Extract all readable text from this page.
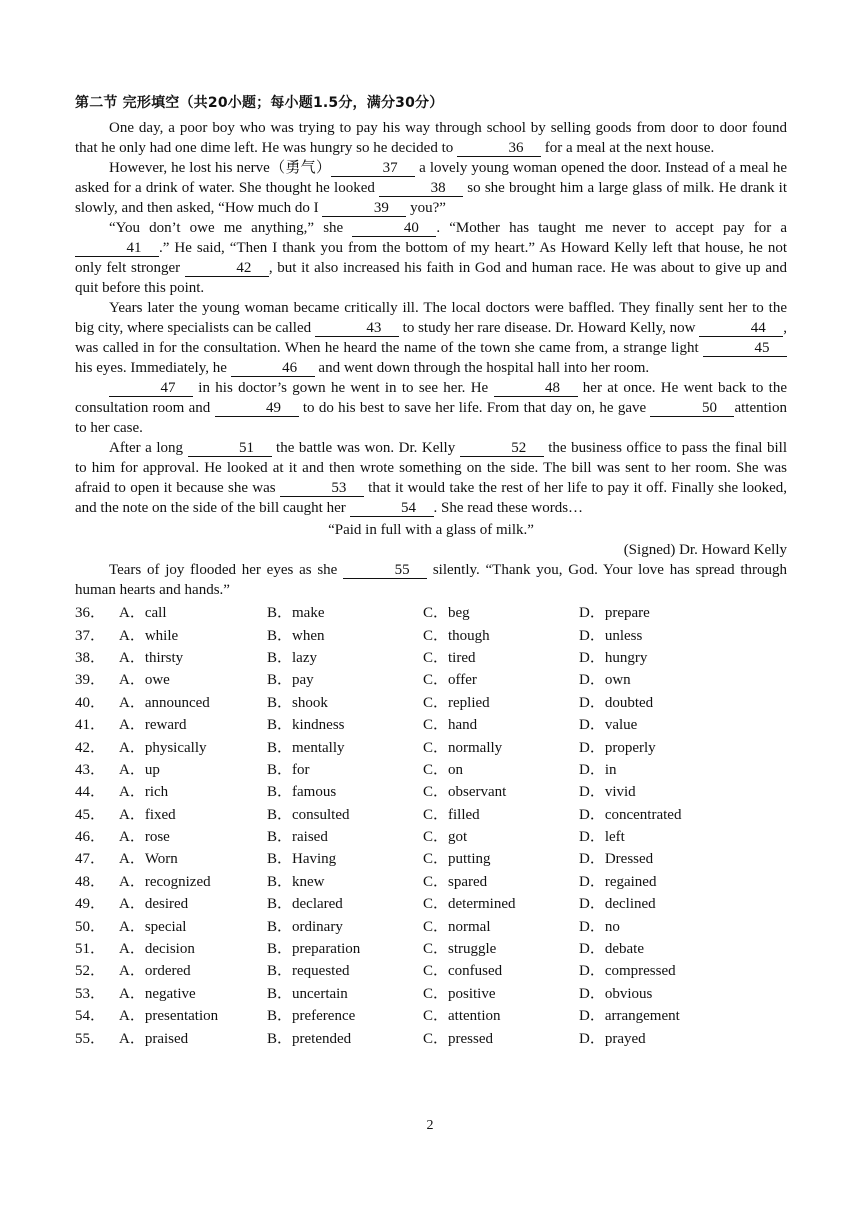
第二节 完形填空（共20小题；每小题1.5分，满分30分）

One day, a poor boy who was trying to pay his way through school by selling goods from door to door found that he only had one dime left. He was hungry so he decided to	36 for a meal at the next house.

However, he lost his nerve（勇气）	37 a lovely young woman opened the door. Instead of a meal he asked for a drink of water. She thought he looked	38 so she brought him a large glass of milk. He drank it slowly, and then asked, “How much do I	39 you?”

“You don’t owe me anything,” she	40 . “Mother has taught me never to accept pay for a 41 .” He said, “Then I thank you from the bottom of my heart.” As Howard Kelly left that house, he not only felt stronger	42 , but it also increased his faith in God and human race. He was about to give up and quit before this point.

Years later the young woman became critically ill. The local doctors were baffled. They finally sent her to the big city, where specialists can be called	43 to study her rare disease. Dr. Howard Kelly, now	44 , was called in for the consultation. When he heard the name of the town she came from, a strange light	45 his eyes. Immediately, he	46 and went down through the hospital hall into her room.

47 in his doctor’s gown he went in to see her. He	48 her at once. He went back to the consultation room and	49 to do his best to save her life. From that day on, he gave	50 attention to her case.

After a long	51 the battle was won. Dr. Kelly	52 the business office to pass the final bill to him for approval. He looked at it and then wrote something on the side. The bill was sent to her room. She was afraid to open it because she was	53 that it would take the rest of her life to pay it off. Finally she looked, and the note on the side of the bill caught her	54 . She read these words…

“Paid in full with a glass of milk.”

(Signed) Dr. Howard Kelly

Tears of joy flooded her eyes as she	55 silently. “Thank you, God. Your love has spread through human hearts and hands.”

36． A．call	B．make	C．beg	D．prepare
37． A．while	B．when	C．though	D．unless
38． A．thirsty	B．lazy	C．tired	D．hungry
39． A．owe	B．pay	C．offer	D．own
40． A．announced	B．shook	C．replied	D．doubted
41． A．reward	B．kindness	C．hand	D．value
42． A．physically	B．mentally	C．normally	D．properly
43． A．up	B．for	C．on	D．in
44． A．rich	B．famous	C．observant	D．vivid
45． A．fixed	B．consulted	C．filled	D．concentrated
46． A．rose	B．raised	C．got	D．left
47． A．Worn	B．Having	C．putting	D．Dressed
48． A．recognized	B．knew	C．spared	D．regained
49． A．desired	B．declared	C．determined	D．declined
50． A．special	B．ordinary	C．normal	D．no
51． A．decision	B．preparation	C．struggle	D．debate
52． A．ordered	B．requested	C．confused	D．compressed
53． A．negative	B．uncertain	C．positive	D．obvious
54． A．presentation	B．preference	C．attention	D．arrangement
55． A．praised	B．pretended	C．pressed	D．prayed
2
